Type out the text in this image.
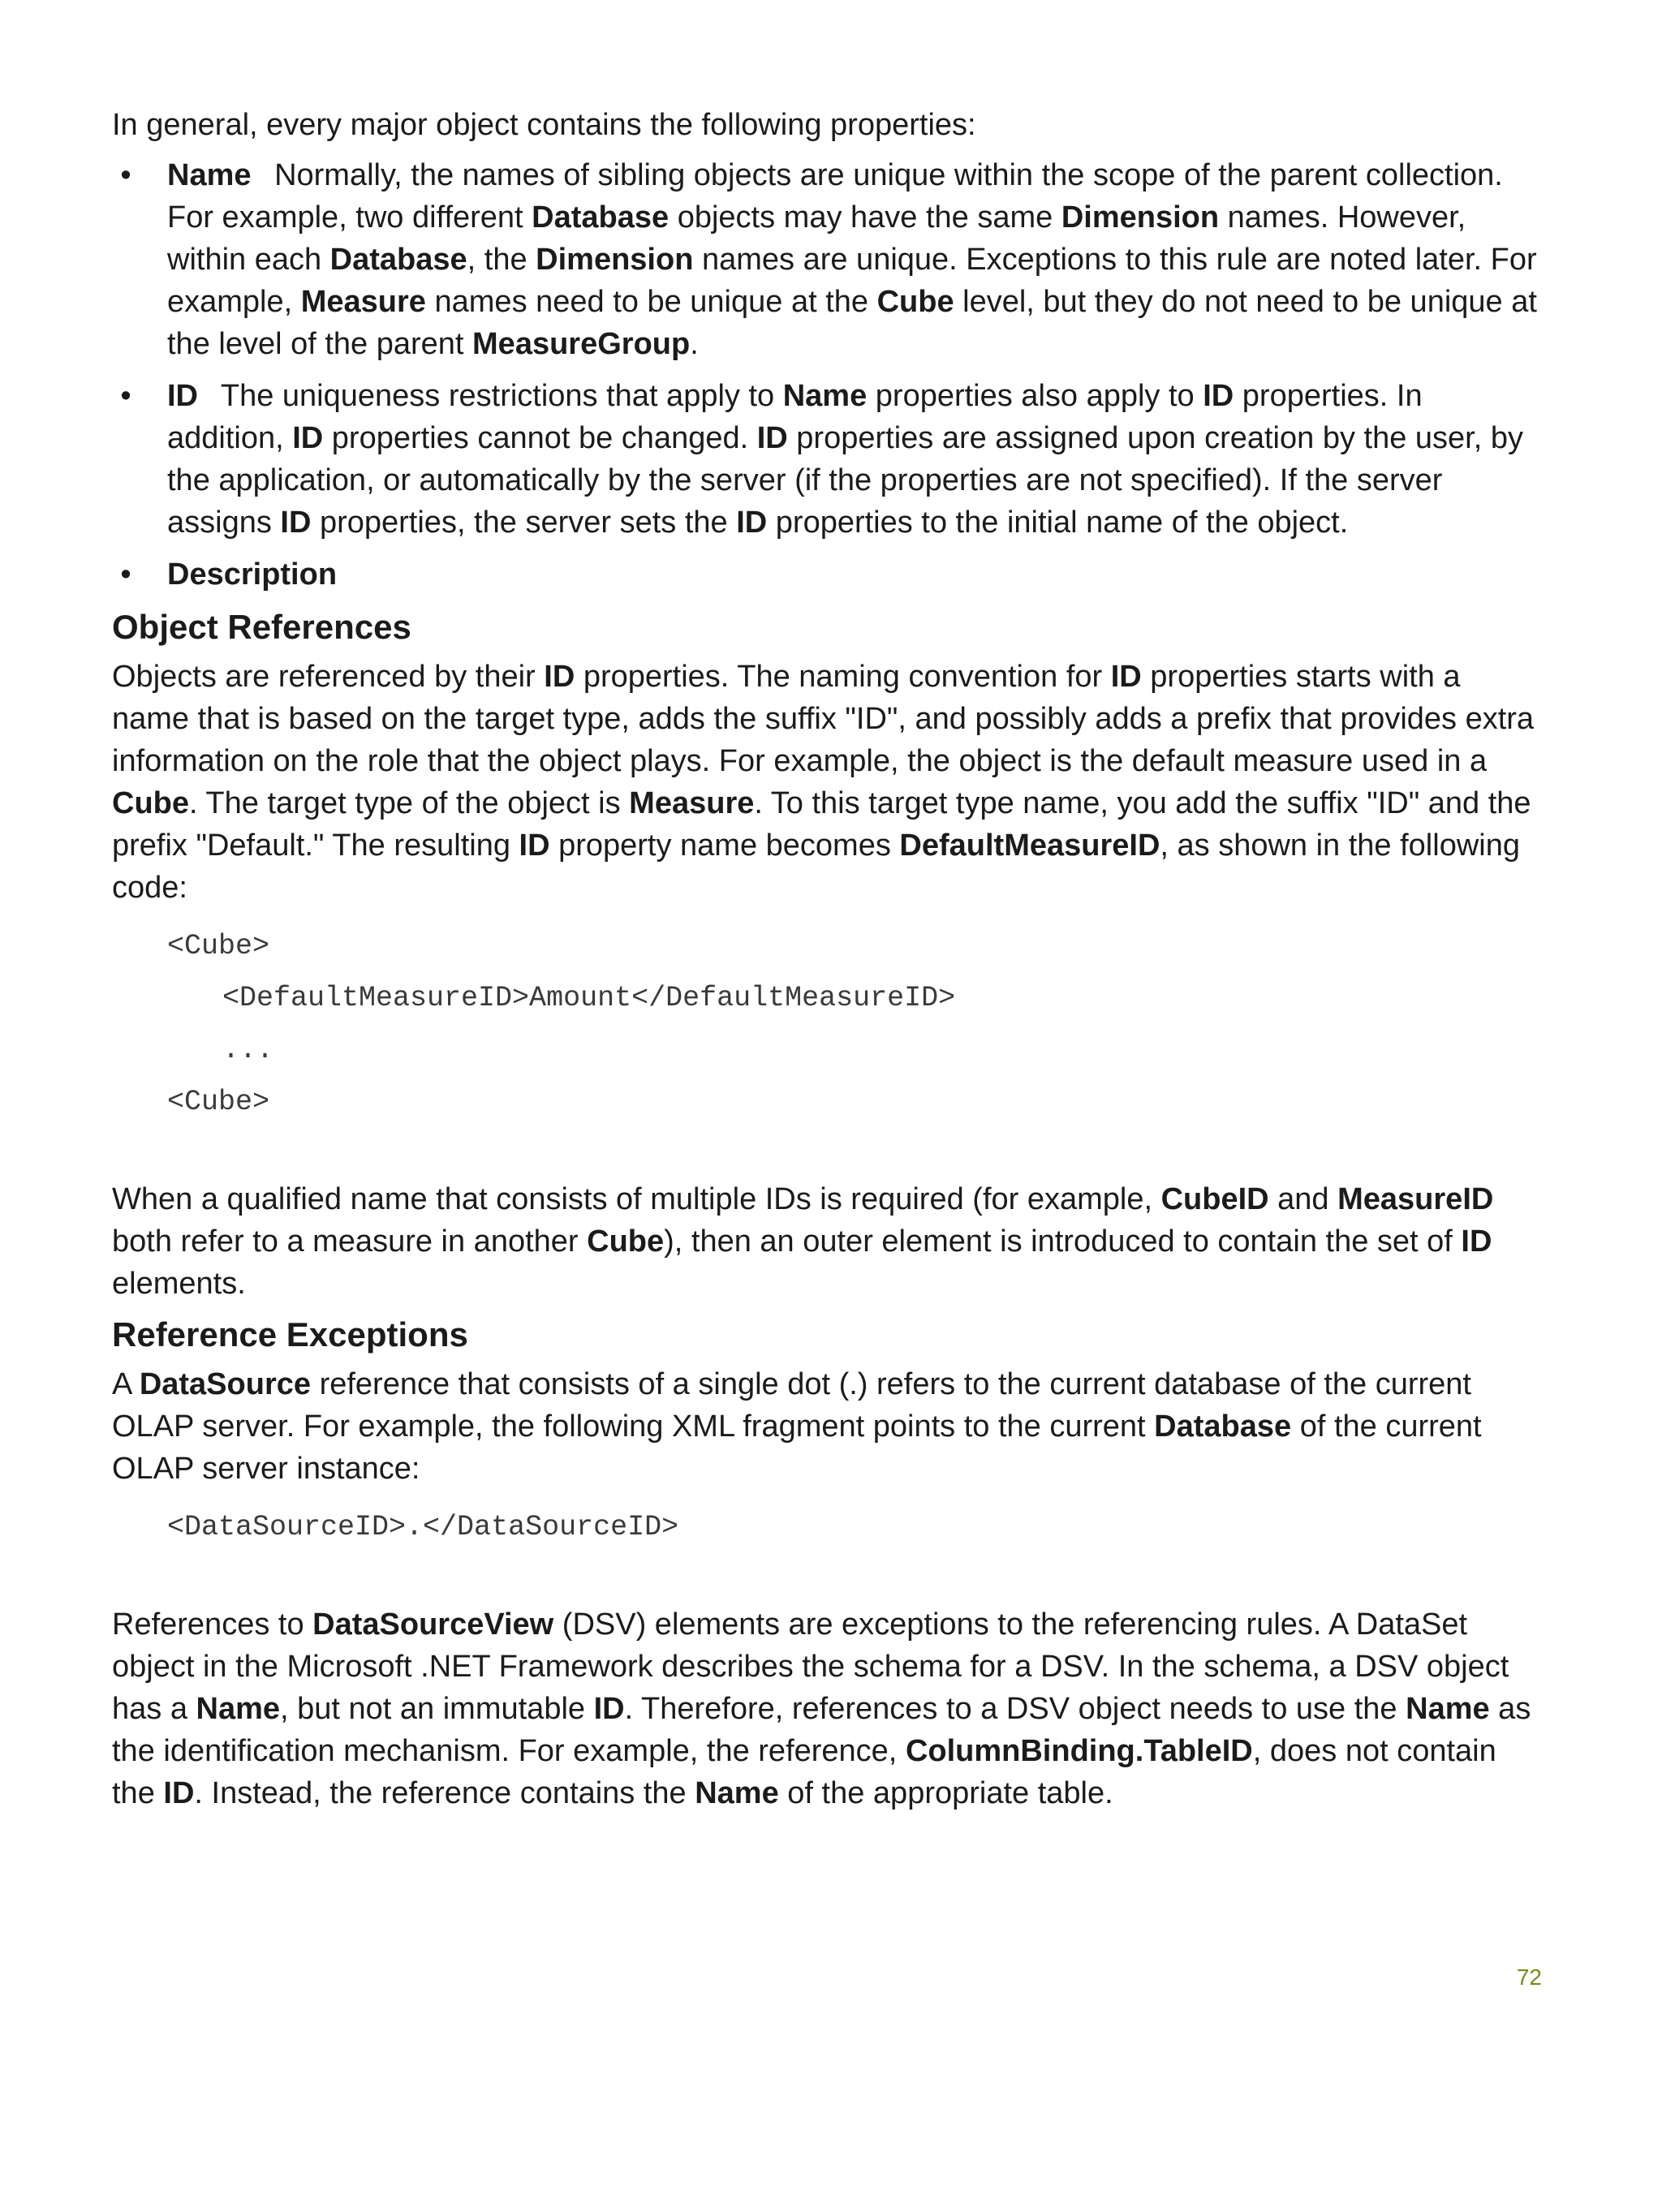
In general, every major object contains the following properties:

• Name Normally, the names of sibling objects are unique within the scope of the parent collection. For example, two different Database objects may have the same Dimension names. However, within each Database, the Dimension names are unique. Exceptions to this rule are noted later. For example, Measure names need to be unique at the Cube level, but they do not need to be unique at the level of the parent MeasureGroup.
• ID The uniqueness restrictions that apply to Name properties also apply to ID properties. In addition, ID properties cannot be changed. ID properties are assigned upon creation by the user, by the application, or automatically by the server (if the properties are not specified). If the server assigns ID properties, the server sets the ID properties to the initial name of the object.
• Description
Object References

Objects are referenced by their ID properties. The naming convention for ID properties starts with a name that is based on the target type, adds the suffix "ID", and possibly adds a prefix that provides extra information on the role that the object plays. For example, the object is the default measure used in a Cube. The target type of the object is Measure. To this target type name, you add the suffix "ID" and the prefix "Default." The resulting ID property name becomes DefaultMeasureID, as shown in the following code:

<Cube>
<DefaultMeasureID>Amount</DefaultMeasureID>
...
<Cube>

When a qualified name that consists of multiple IDs is required (for example, CubeID and MeasureID both refer to a measure in another Cube), then an outer element is introduced to contain the set of ID elements.

Reference Exceptions

A DataSource reference that consists of a single dot (.) refers to the current database of the current OLAP server. For example, the following XML fragment points to the current Database of the current OLAP server instance:

<DataSourceID>.</DataSourceID>

References to DataSourceView (DSV) elements are exceptions to the referencing rules. A DataSet object in the Microsoft .NET Framework describes the schema for a DSV. In the schema, a DSV object has a Name, but not an immutable ID. Therefore, references to a DSV object needs to use the Name as the identification mechanism. For example, the reference, ColumnBinding.TableID, does not contain the ID. Instead, the reference contains the Name of the appropriate table.

72
